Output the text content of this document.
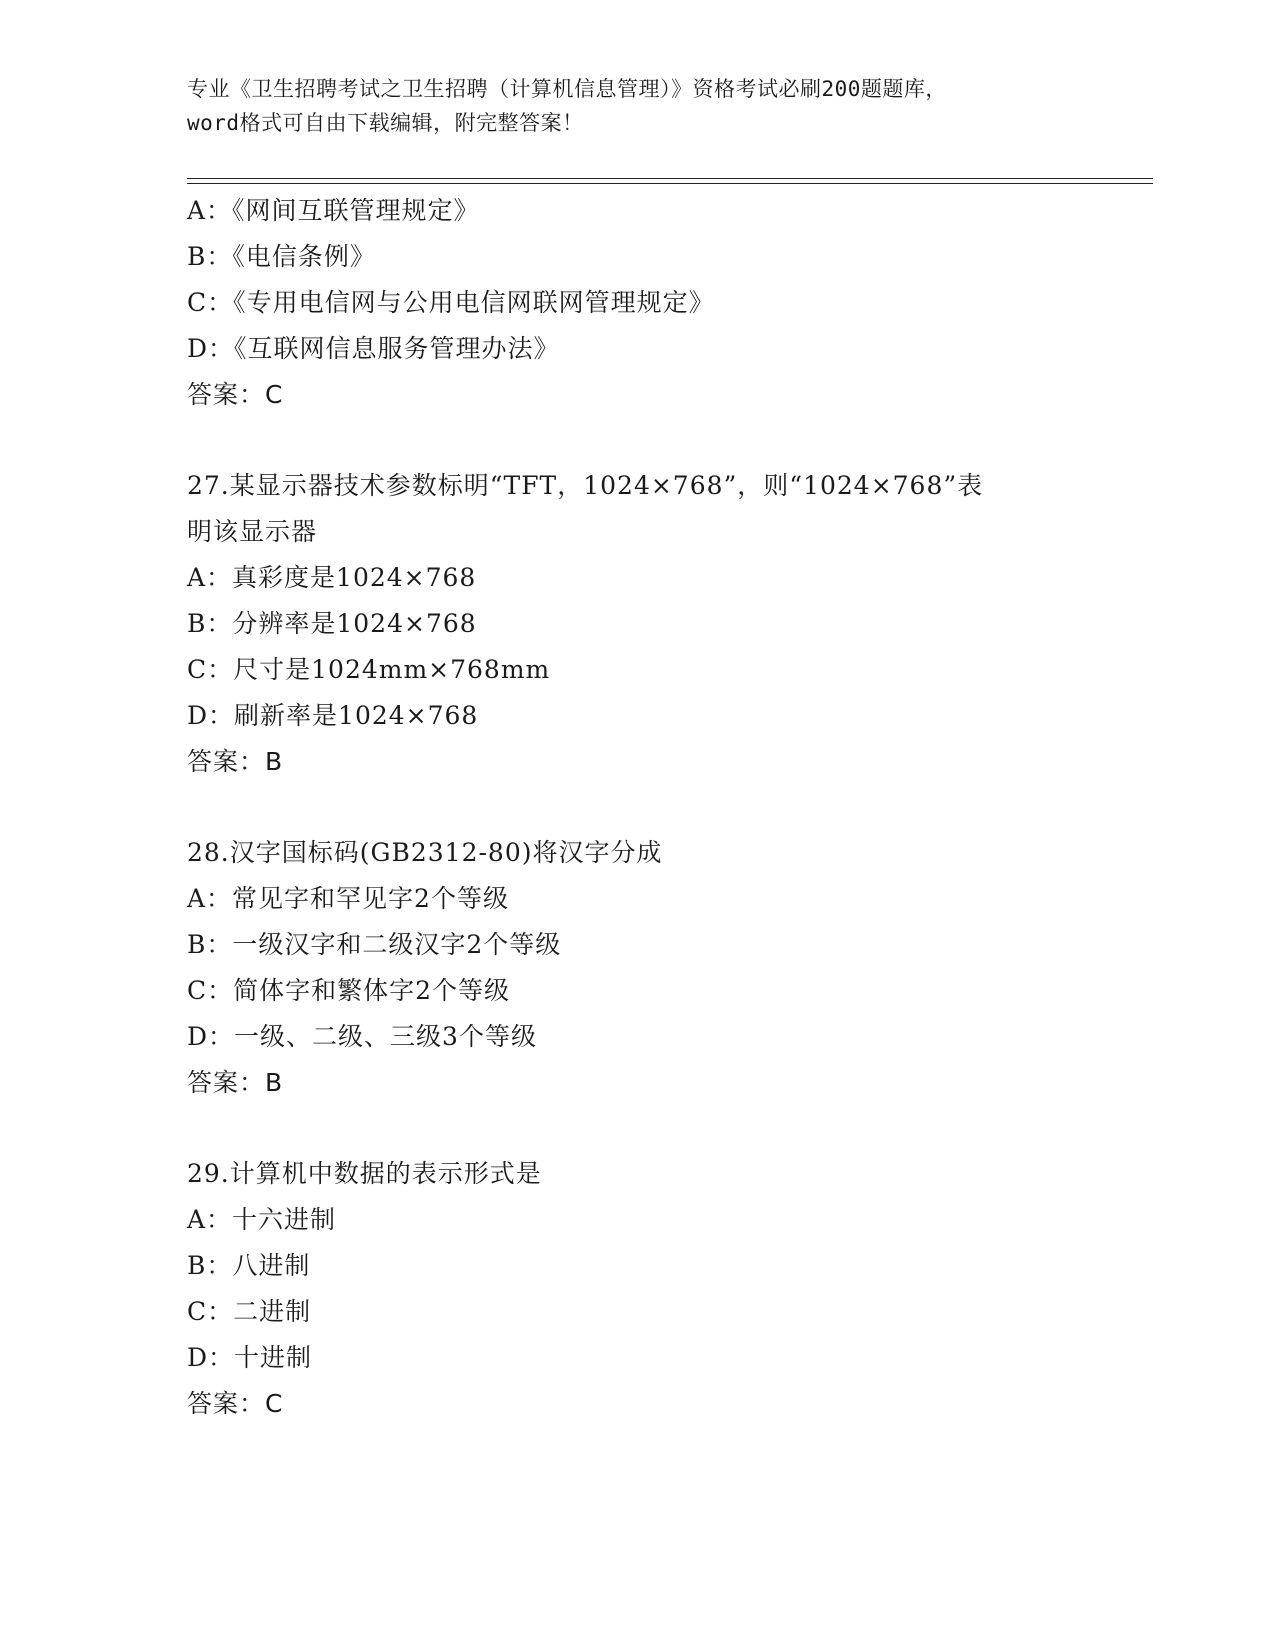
专业《卫生招聘考试之卫生招聘（计算机信息管理）》资格考试必刷200题题库，
word格式可自由下载编辑，附完整答案！
A：《网间互联管理规定》
B：《电信条例》
C：《专用电信网与公用电信网联网管理规定》
D：《互联网信息服务管理办法》
答案：C
27.某显示器技术参数标明“TFT，1024×768”，则“1024×768”表
明该显示器
A：真彩度是1024×768
B：分辨率是1024×768
C：尺寸是1024mm×768mm
D：刷新率是1024×768
答案：B
28.汉字国标码(GB2312-80)将汉字分成
A：常见字和罕见字2个等级
B：一级汉字和二级汉字2个等级
C：简体字和繁体字2个等级
D：一级、二级、三级3个等级
答案：B
29.计算机中数据的表示形式是
A：十六进制
B：八进制
C：二进制
D：十进制
答案：C
